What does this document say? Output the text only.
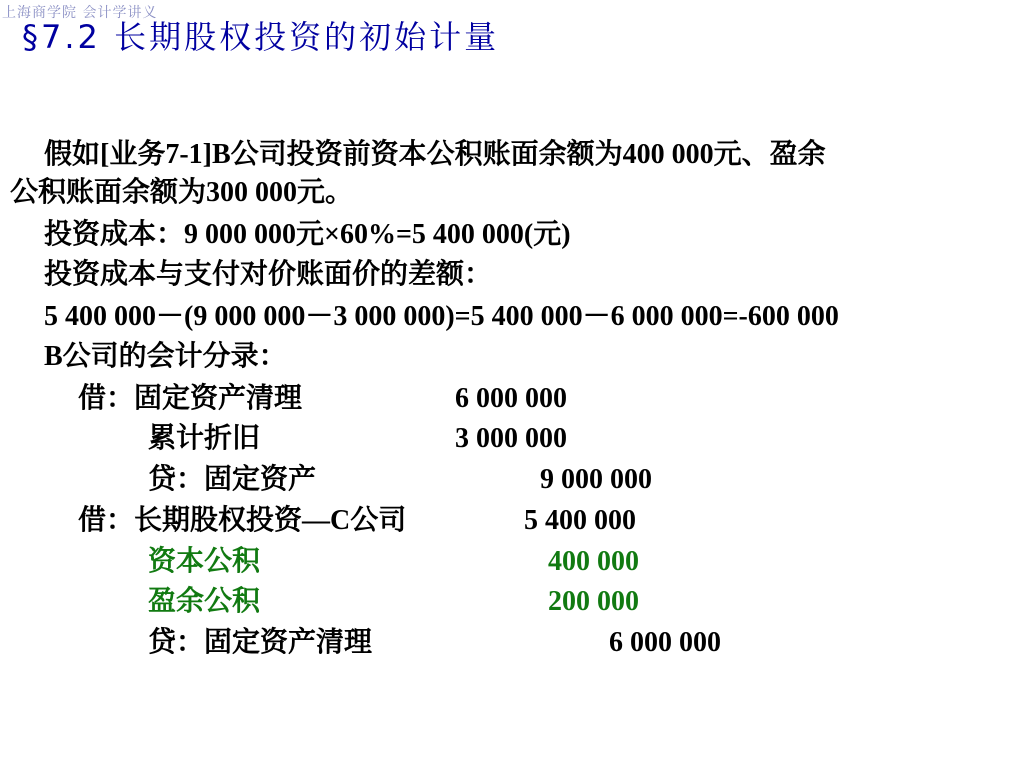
上海商学院 会计学讲义
§7.2 长期股权投资的初始计量
假如[业务7-1]B公司投资前资本公积账面余额为400 000元、盈余
公积账面余额为300 000元。
投资成本：9 000 000元×60%=5 400 000(元)
投资成本与支付对价账面价的差额：
5 400 000－(9 000 000－3 000 000)=5 400 000－6 000 000=-600 000
B公司的会计分录：
借：固定资产清理	6 000 000
累计折旧	3 000 000
贷：固定资产	9 000 000
借：长期股权投资—C公司	5 400 000
资本公积	400 000
盈余公积	200 000
贷：固定资产清理	6 000 000
